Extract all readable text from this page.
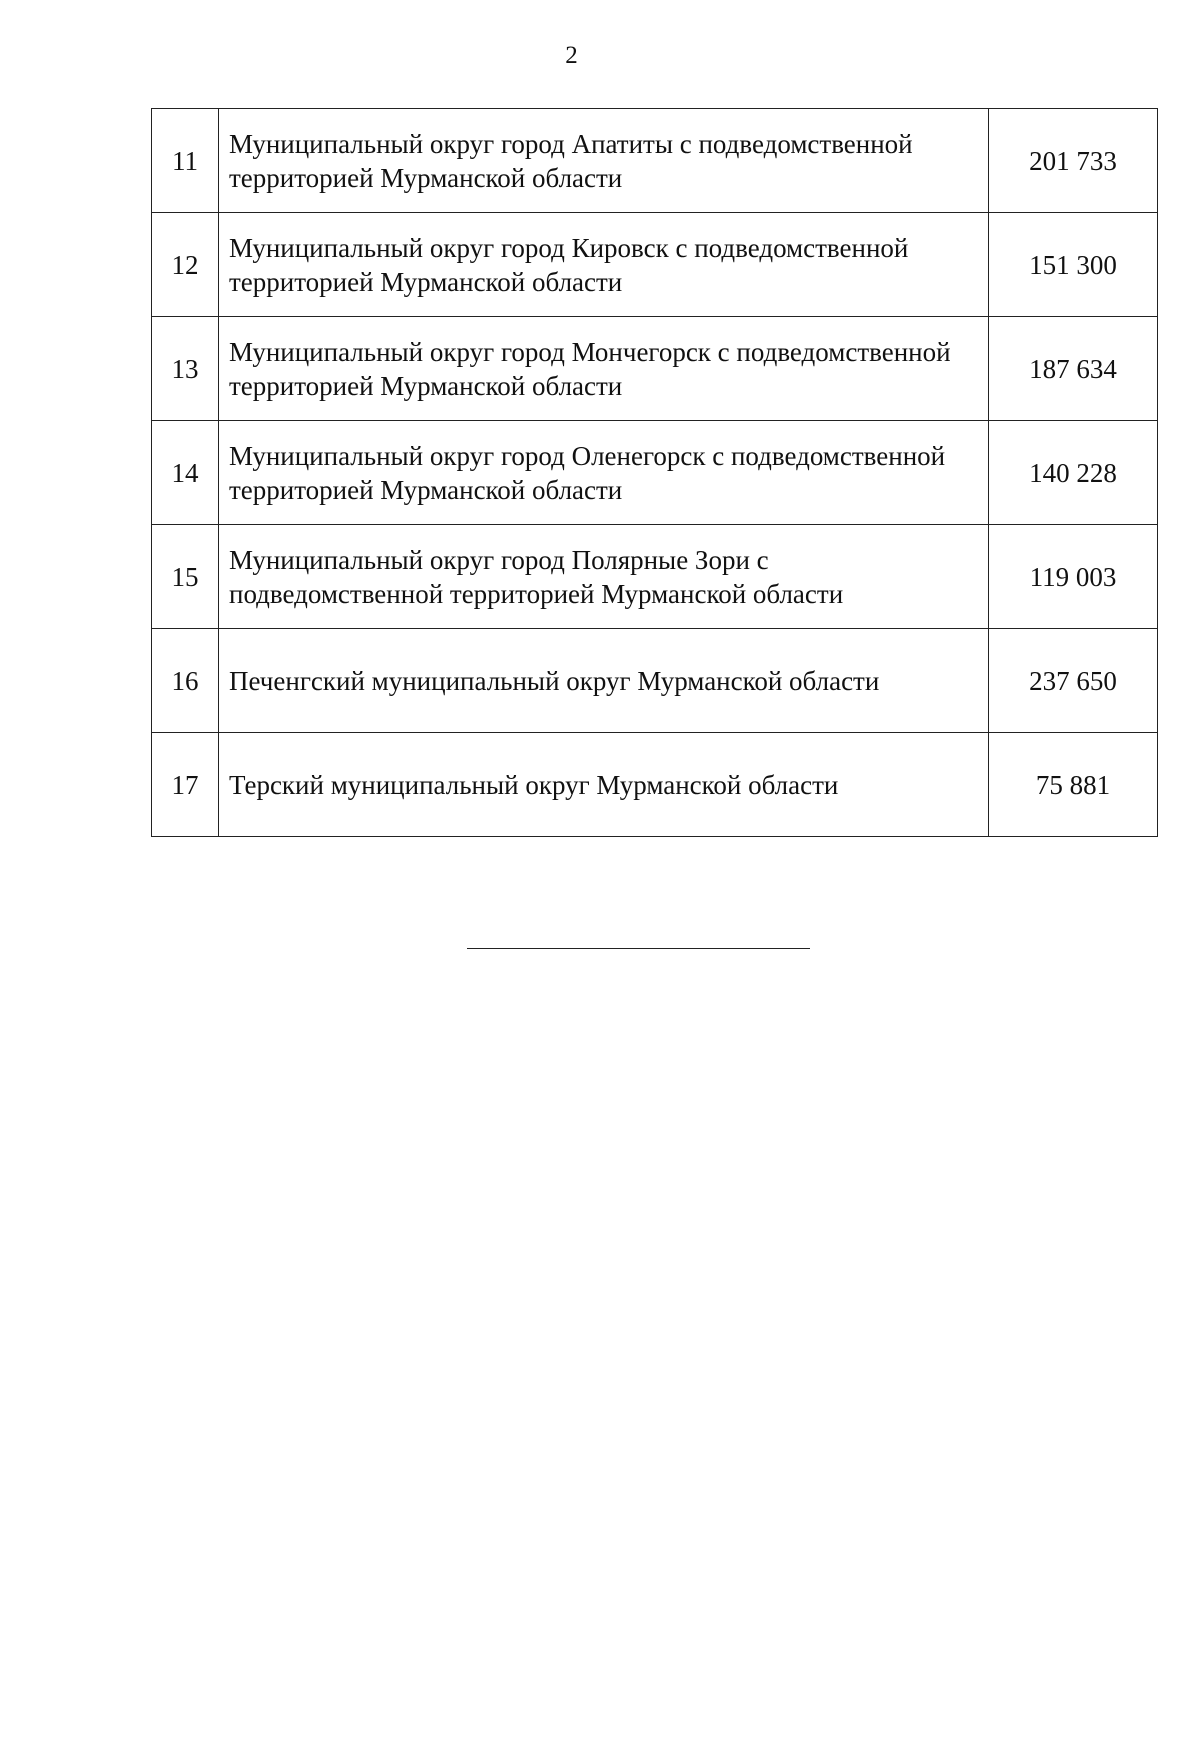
2
11	Муниципальный округ город Апатиты с подведомственной территорией Мурманской области	201 733
12	Муниципальный округ город Кировск с подведомственной территорией Мурманской области	151 300
13	Муниципальный округ город Мончегорск с подведомственной территорией Мурманской области	187 634
14	Муниципальный округ город Оленегорск с подведомственной территорией Мурманской области	140 228
15	Муниципальный округ город Полярные Зори с подведомственной территорией Мурманской области	119 003
16	Печенгский муниципальный округ Мурманской области	237 650
17	Терский муниципальный округ Мурманской области	75 881
